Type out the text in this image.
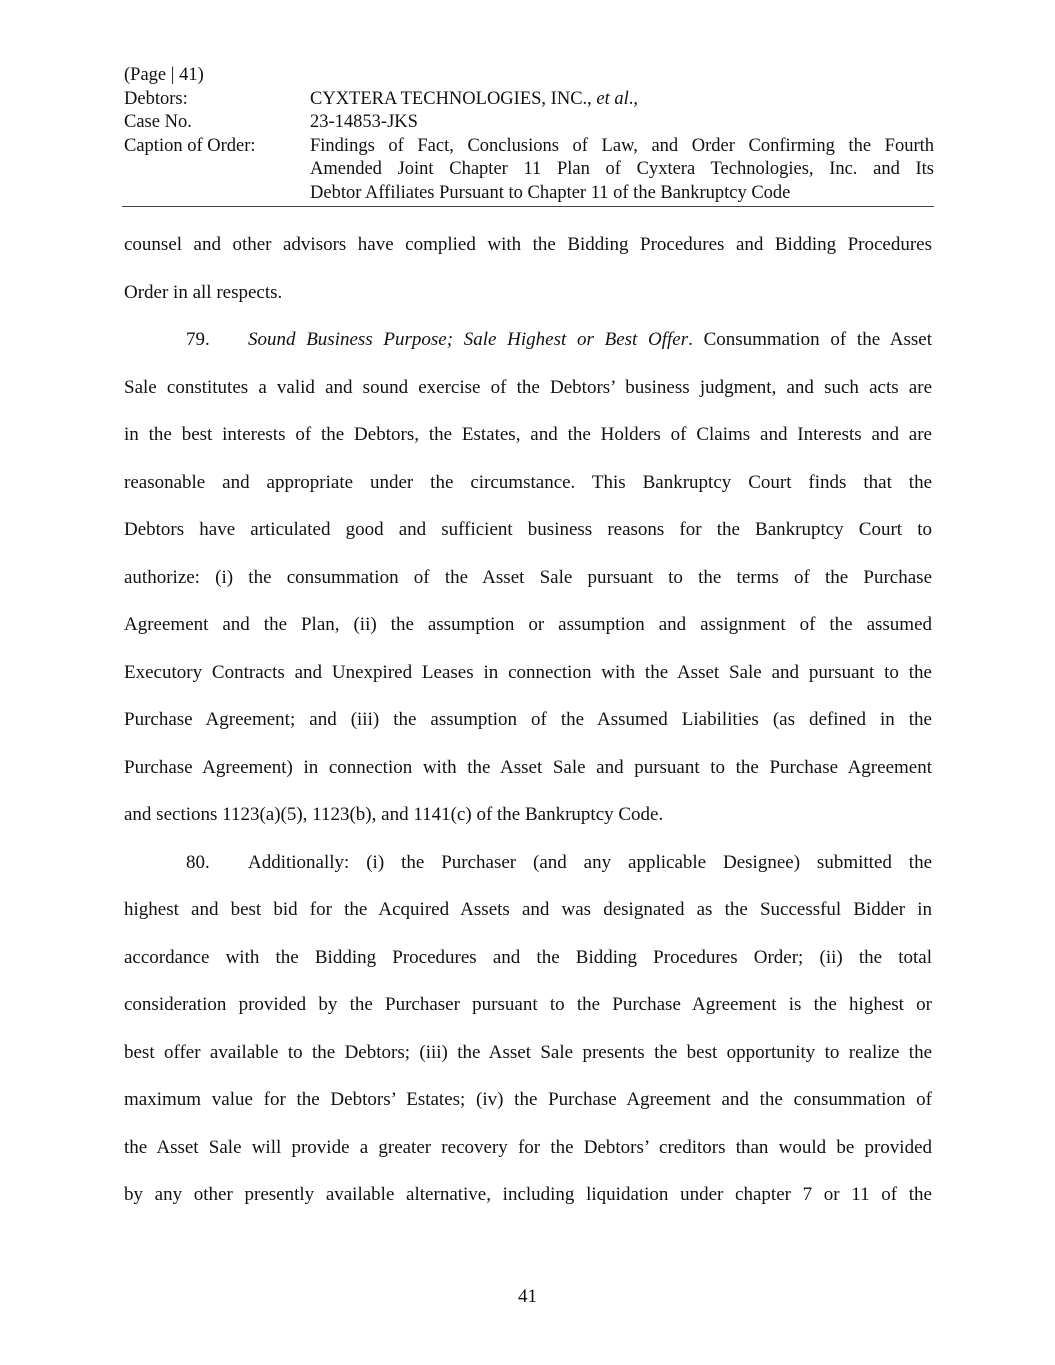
(Page | 41)
Debtors:	CYXTERA TECHNOLOGIES, INC., et al.,
Case No.	23-14853-JKS
Caption of Order:	Findings of Fact, Conclusions of Law, and Order Confirming the Fourth
Amended Joint Chapter 11 Plan of Cyxtera Technologies, Inc. and Its
Debtor Affiliates Pursuant to Chapter 11 of the Bankruptcy Code
counsel and other advisors have complied with the Bidding Procedures and Bidding Procedures
Order in all respects.
79. Sound Business Purpose; Sale Highest or Best Offer. Consummation of the Asset
Sale constitutes a valid and sound exercise of the Debtors’ business judgment, and such acts are
in the best interests of the Debtors, the Estates, and the Holders of Claims and Interests and are
reasonable and appropriate under the circumstance. This Bankruptcy Court finds that the
Debtors have articulated good and sufficient business reasons for the Bankruptcy Court to
authorize: (i) the consummation of the Asset Sale pursuant to the terms of the Purchase
Agreement and the Plan, (ii) the assumption or assumption and assignment of the assumed
Executory Contracts and Unexpired Leases in connection with the Asset Sale and pursuant to the
Purchase Agreement; and (iii) the assumption of the Assumed Liabilities (as defined in the
Purchase Agreement) in connection with the Asset Sale and pursuant to the Purchase Agreement
and sections 1123(a)(5), 1123(b), and 1141(c) of the Bankruptcy Code.
80. Additionally: (i) the Purchaser (and any applicable Designee) submitted the
highest and best bid for the Acquired Assets and was designated as the Successful Bidder in
accordance with the Bidding Procedures and the Bidding Procedures Order; (ii) the total
consideration provided by the Purchaser pursuant to the Purchase Agreement is the highest or
best offer available to the Debtors; (iii) the Asset Sale presents the best opportunity to realize the
maximum value for the Debtors’ Estates; (iv) the Purchase Agreement and the consummation of
the Asset Sale will provide a greater recovery for the Debtors’ creditors than would be provided
by any other presently available alternative, including liquidation under chapter 7 or 11 of the
41
